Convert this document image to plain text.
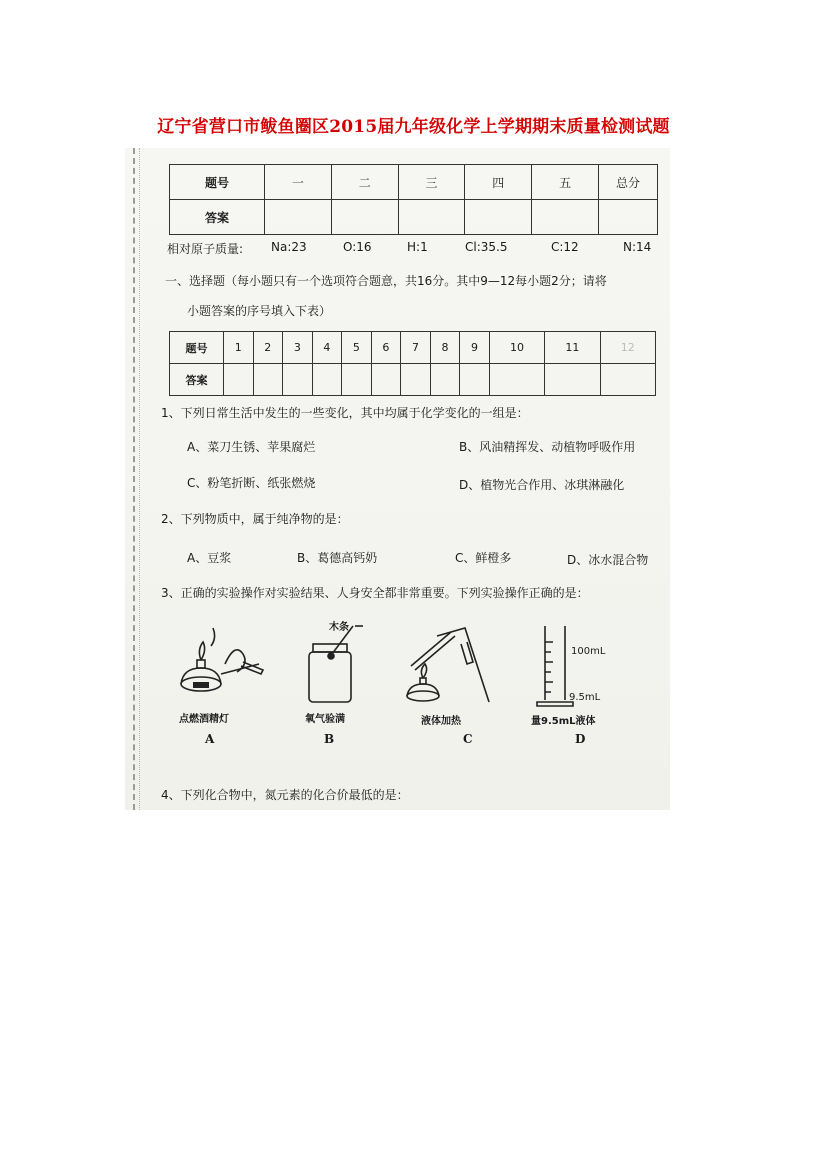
辽宁省营口市鲅鱼圈区2015届九年级化学上学期期末质量检测试题
题号	一	二	三	四	五	总分
答案						
相对原子质量: Na:23	O:16	H:1	Cl:35.5	C:12	N:14
一、选择题（每小题只有一个选项符合题意，共16分。其中9—12每小题2分；请将
小题答案的序号填入下表）
题号	1	2	3	4	5	6	7	8	9	10	11	12
答案												
1、下列日常生活中发生的一些变化，其中均属于化学变化的一组是：
A、菜刀生锈、苹果腐烂	B、风油精挥发、动植物呼吸作用
C、粉笔折断、纸张燃烧	D、植物光合作用、冰琪淋融化
2、下列物质中，属于纯净物的是：
A、豆浆	B、葛德高钙奶	C、鲜橙多	D、冰水混合物
3、正确的实验操作对实验结果、人身安全都非常重要。下列实验操作正确的是：
点燃酒精灯
A
木条
氧气验满
B
液体加热
C
100mL
9.5mL
量9.5mL液体
D
4、下列化合物中，氮元素的化合价最低的是：
